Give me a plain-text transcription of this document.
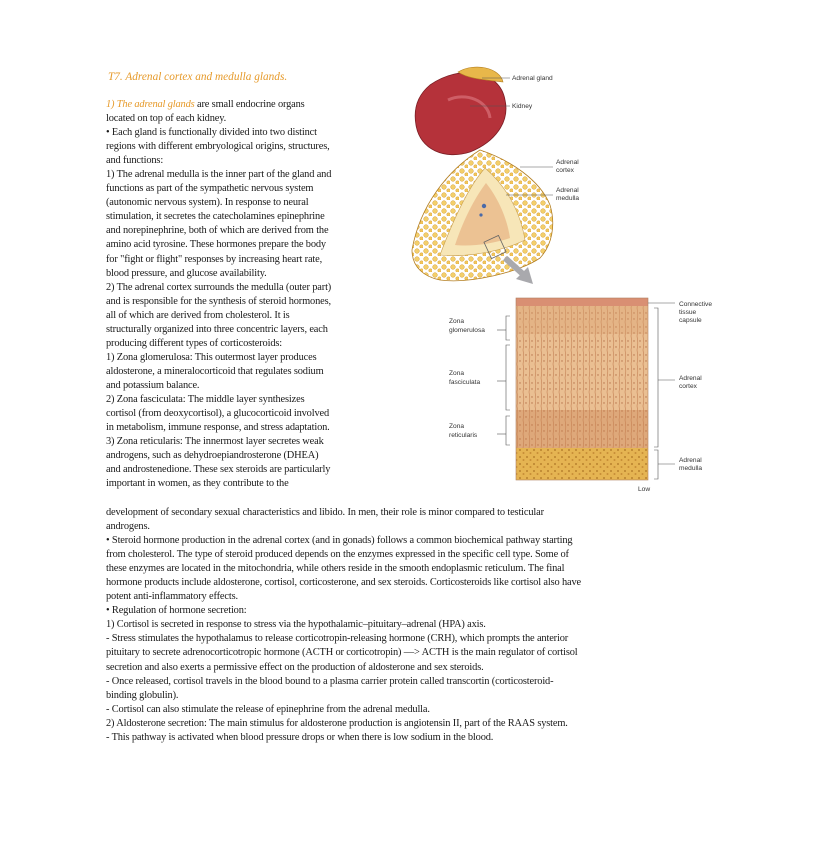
T7. Adrenal cortex and medulla glands.
1) The adrenal glands are small endocrine organs
located on top of each kidney.
• Each gland is functionally divided into two distinct
regions with different embryological origins, structures,
and functions:
1) The adrenal medulla is the inner part of the gland and
functions as part of the sympathetic nervous system
(autonomic nervous system). In response to neural
stimulation, it secretes the catecholamines epinephrine
and norepinephrine, both of which are derived from the
amino acid tyrosine. These hormones prepare the body
for "fight or flight" responses by increasing heart rate,
blood pressure, and glucose availability.
2) The adrenal cortex surrounds the medulla (outer part)
and is responsible for the synthesis of steroid hormones,
all of which are derived from cholesterol. It is
structurally organized into three concentric layers, each
producing different types of corticosteroids:
1) Zona glomerulosa: This outermost layer produces
aldosterone, a mineralocorticoid that regulates sodium
and potassium balance.
2) Zona fasciculata: The middle layer synthesizes
cortisol (from deoxycortisol), a glucocorticoid involved
in metabolism, immune response, and stress adaptation.
3) Zona reticularis: The innermost layer secretes weak
androgens, such as dehydroepiandrosterone (DHEA)
and androstenedione. These sex steroids are particularly
important in women, as they contribute to the
development of secondary sexual characteristics and libido. In men, their role is minor compared to testicular
androgens.
• Steroid hormone production in the adrenal cortex (and in gonads) follows a common biochemical pathway starting
from cholesterol. The type of steroid produced depends on the enzymes expressed in the specific cell type. Some of
these enzymes are located in the mitochondria, while others reside in the smooth endoplasmic reticulum. The final
hormone products include aldosterone, cortisol, corticosterone, and sex steroids. Corticosteroids like cortisol also have
potent anti-inflammatory effects.
• Regulation of hormone secretion:
1) Cortisol is secreted in response to stress via the hypothalamic–pituitary–adrenal (HPA) axis.
- Stress stimulates the hypothalamus to release corticotropin-releasing hormone (CRH), which prompts the anterior
pituitary to secrete adrenocorticotropic hormone (ACTH or corticotropin) —> ACTH is the main regulator of cortisol
secretion and also exerts a permissive effect on the production of aldosterone and sex steroids.
- Once released, cortisol travels in the blood bound to a plasma carrier protein called transcortin (corticosteroid-
binding globulin).
- Cortisol can also stimulate the release of epinephrine from the adrenal medulla.
2) Aldosterone secretion: The main stimulus for aldosterone production is angiotensin II, part of the RAAS system.
- This pathway is activated when blood pressure drops or when there is low sodium in the blood.
Adrenal gland
Kidney
Adrenal
cortex
Adrenal
medulla
Zona
glomerulosa
Zona
fasciculata
Zona
reticularis
Connective
tissue
capsule
Adrenal
cortex
Adrenal
medulla
Low
